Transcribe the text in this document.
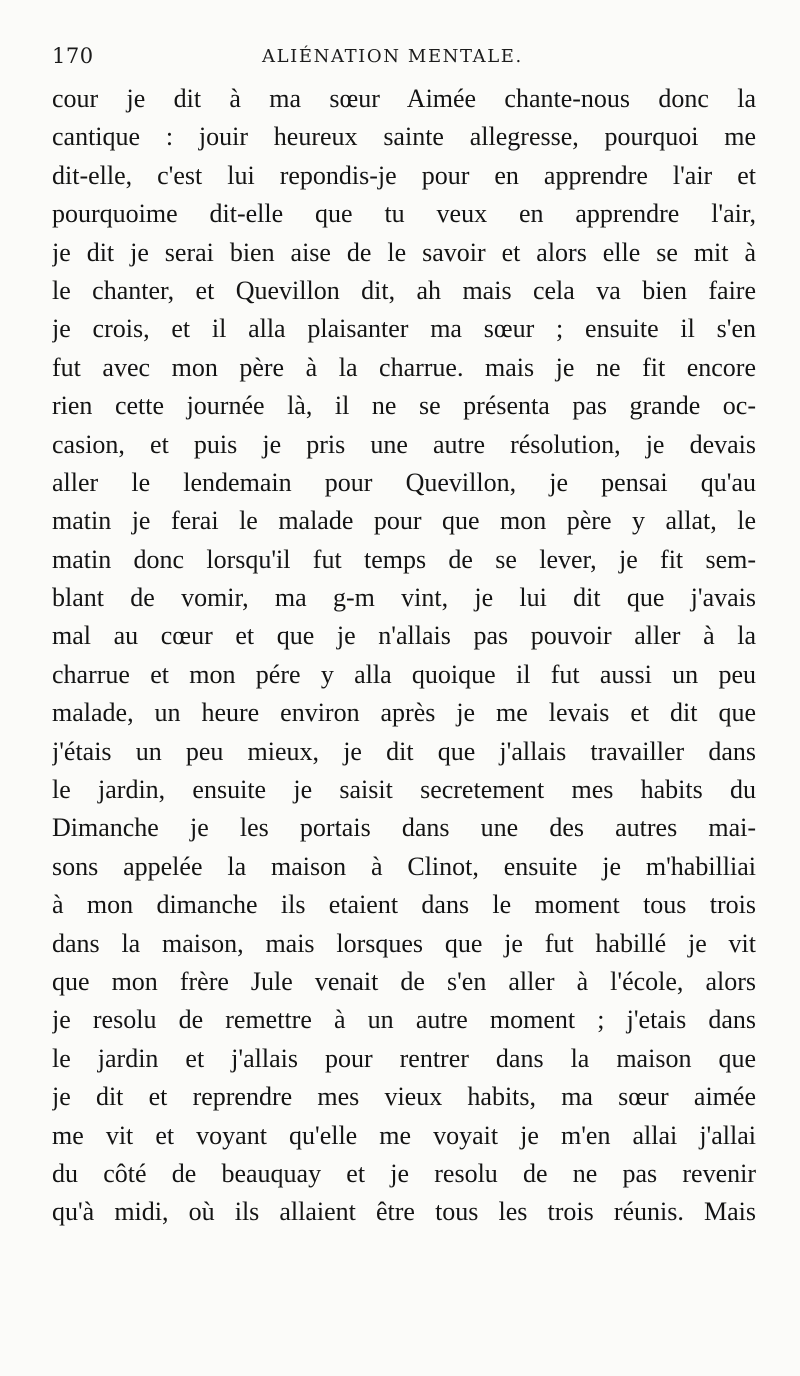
170	ALIÉNATION MENTALE.
cour je dit à ma sœur Aimée chante-nous donc la
cantique : jouir heureux sainte allegresse, pourquoi me
dit-elle, c'est lui repondis-je pour en apprendre l'air et
pourquoime dit-elle que tu veux en apprendre l'air,
je dit je serai bien aise de le savoir et alors elle se mit à
le chanter, et Quevillon dit, ah mais cela va bien faire
je crois, et il alla plaisanter ma sœur ; ensuite il s'en
fut avec mon père à la charrue. mais je ne fit encore
rien cette journée là, il ne se présenta pas grande oc-
casion, et puis je pris une autre résolution, je devais
aller le lendemain pour Quevillon, je pensai qu'au
matin je ferai le malade pour que mon père y allat, le
matin donc lorsqu'il fut temps de se lever, je fit sem-
blant de vomir, ma g-m vint, je lui dit que j'avais
mal au cœur et que je n'allais pas pouvoir aller à la
charrue et mon pére y alla quoique il fut aussi un peu
malade, un heure environ après je me levais et dit que
j'étais un peu mieux, je dit que j'allais travailler dans
le jardin, ensuite je saisit secretement mes habits du
Dimanche je les portais dans une des autres mai-
sons appelée la maison à Clinot, ensuite je m'habilliai
à mon dimanche ils etaient dans le moment tous trois
dans la maison, mais lorsques que je fut habillé je vit
que mon frère Jule venait de s'en aller à l'école, alors
je resolu de remettre à un autre moment ; j'etais dans
le jardin et j'allais pour rentrer dans la maison que
je dit et reprendre mes vieux habits, ma sœur aimée
me vit et voyant qu'elle me voyait je m'en allai j'allai
du côté de beauquay et je resolu de ne pas revenir
qu'à midi, où ils allaient être tous les trois réunis. Mais
